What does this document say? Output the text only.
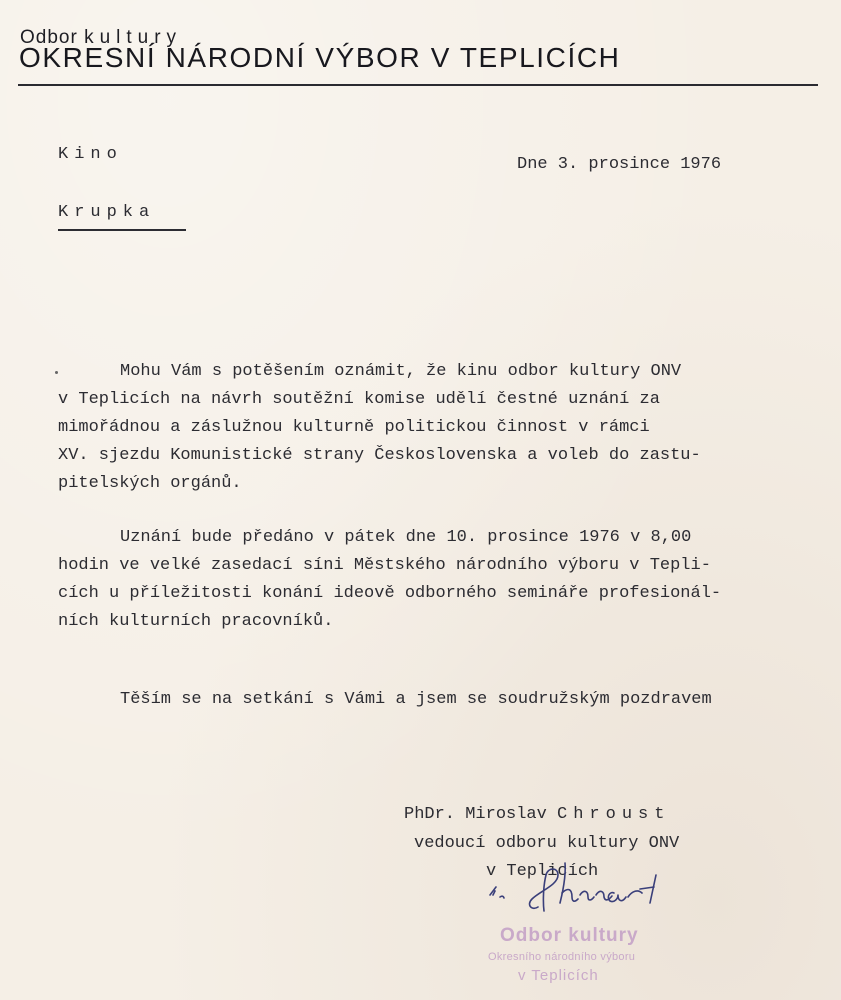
Odbor kultury
OKRESNÍ NÁRODNÍ VÝBOR V TEPLICÍCH
Kino
Krupka
Dne 3. prosince 1976
Mohu Vám s potěšením oznámit, že kinu odbor kultury ONV
v Teplicích na návrh soutěžní komise udělí čestné uznání za
mimořádnou a záslužnou kulturně politickou činnost v rámci
XV. sjezdu Komunistické strany Československa a voleb do zastu-
pitelských orgánů.
Uznání bude předáno v pátek dne 10. prosince 1976 v 8,00
hodin ve velké zasedací síni Městského národního výboru v Tepli-
cích u příležitosti konání ideově odborného semináře profesionál-
ních kulturních pracovníků.
Těším se na setkání s Vámi a jsem se soudružským pozdravem
PhDr. Miroslav Chroust
vedoucí odboru kultury ONV
v Teplicích
Odbor kultury
Okresního národního výboru
v Teplicích
